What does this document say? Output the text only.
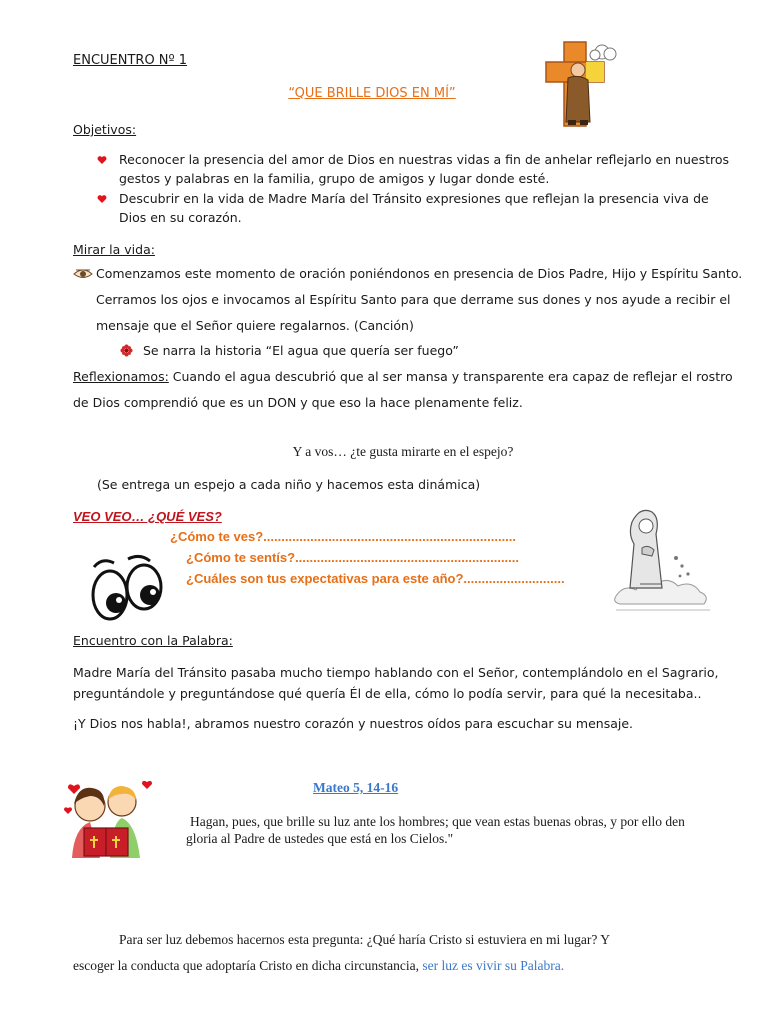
ENCUENTRO Nº 1
“QUE BRILLE DIOS EN MÍ”
Objetivos:
Reconocer la presencia del amor de Dios en nuestras vidas a fin de anhelar reflejarlo en nuestros
gestos y palabras en la familia, grupo de amigos y lugar donde esté.
Descubrir en la vida de Madre María del Tránsito expresiones que reflejan la presencia viva de
Dios en su corazón.
Mirar la vida:
Comenzamos este momento de oración poniéndonos en presencia de Dios Padre, Hijo y Espíritu Santo.
Cerramos los ojos e invocamos al Espíritu Santo para que derrame sus dones y nos ayude a recibir el
mensaje que el Señor quiere regalarnos. (Canción)
Se narra la historia “El agua que quería ser fuego”
Reflexionamos: Cuando el agua descubrió que al ser mansa y transparente era capaz de reflejar el rostro
de Dios comprendió que es un DON y que eso la hace plenamente feliz.
Y a vos… ¿te gusta mirarte en el espejo?
(Se entrega un espejo a cada niño y hacemos esta dinámica)
VEO VEO… ¿QUÉ VES?
¿Cómo te ves?......................................................................
¿Cómo te sentís?..............................................................
¿Cuáles son tus expectativas para este año?............................
Encuentro con la Palabra:
Madre María del Tránsito pasaba mucho tiempo hablando con el Señor, contemplándolo en el Sagrario,
preguntándole y preguntándose qué quería Él de ella, cómo lo podía servir, para qué la necesitaba..
¡Y Dios nos habla!, abramos nuestro corazón y nuestros oídos para escuchar su mensaje.
Mateo 5, 14-16
Hagan, pues, que brille su luz ante los hombres; que vean estas buenas obras, y por ello den
gloria al Padre de ustedes que está en los Cielos."
Para ser luz debemos hacernos esta pregunta: ¿Qué haría Cristo si estuviera en mi lugar? Y
escoger la conducta que adoptaría Cristo en dicha circunstancia, ser luz es vivir su Palabra.
